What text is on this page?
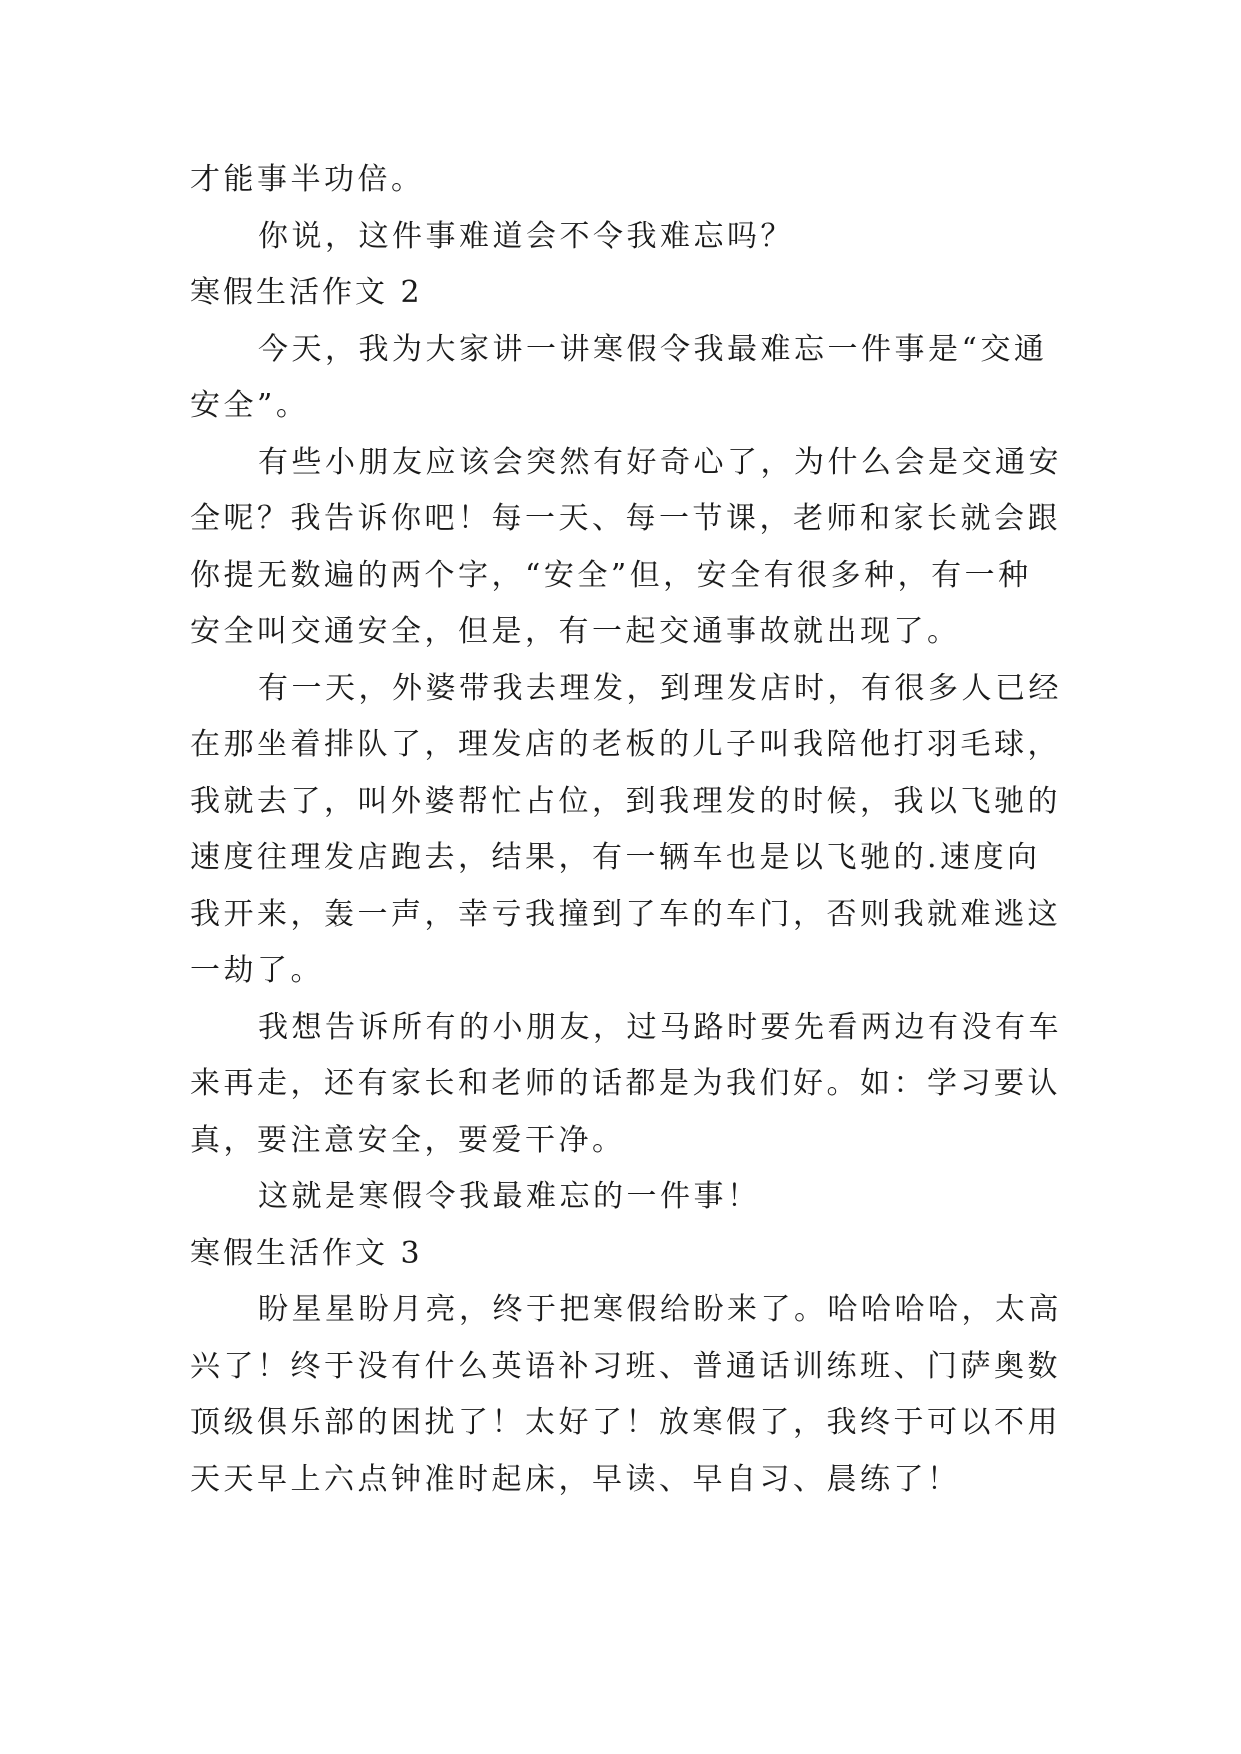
才能事半功倍。
你说，这件事难道会不令我难忘吗？
寒假生活作文 2
今天，我为大家讲一讲寒假令我最难忘一件事是“交通
安全”。
有些小朋友应该会突然有好奇心了，为什么会是交通安
全呢？我告诉你吧！每一天、每一节课，老师和家长就会跟
你提无数遍的两个字，“安全”但，安全有很多种，有一种
安全叫交通安全，但是，有一起交通事故就出现了。
有一天，外婆带我去理发，到理发店时，有很多人已经
在那坐着排队了，理发店的老板的儿子叫我陪他打羽毛球，
我就去了，叫外婆帮忙占位，到我理发的时候，我以飞驰的
速度往理发店跑去，结果，有一辆车也是以飞驰的.速度向
我开来，轰一声，幸亏我撞到了车的车门，否则我就难逃这
一劫了。
我想告诉所有的小朋友，过马路时要先看两边有没有车
来再走，还有家长和老师的话都是为我们好。如：学习要认
真，要注意安全，要爱干净。
这就是寒假令我最难忘的一件事！
寒假生活作文 3
盼星星盼月亮，终于把寒假给盼来了。哈哈哈哈，太高
兴了！终于没有什么英语补习班、普通话训练班、门萨奥数
顶级俱乐部的困扰了！太好了！放寒假了，我终于可以不用
天天早上六点钟准时起床，早读、早自习、晨练了！
